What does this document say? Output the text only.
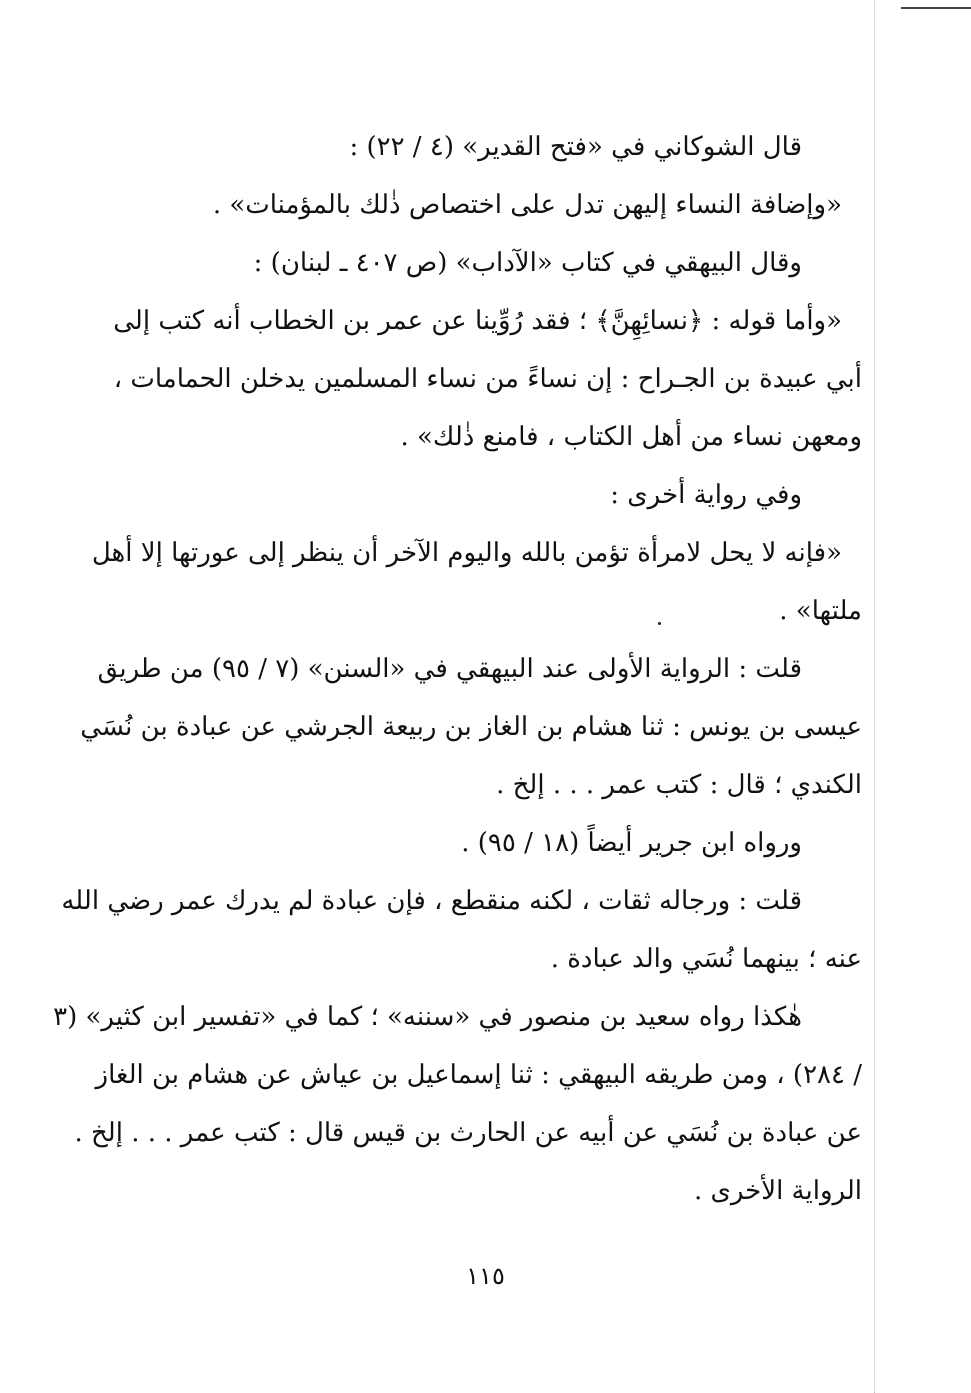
قال الشوكاني في «فتح القدير» (٤ / ٢٢) :
«وإضافة النساء إليهن تدل على اختصاص ذٰلك بالمؤمنات» .
وقال البيهقي في كتاب «الآداب» (ص ٤٠٧ ـ لبنان) :
«وأما قوله : ﴿نسائِهِنَّ﴾ ؛ فقد رُوِّينا عن عمر بن الخطاب أنه كتب إلى
أبي عبيدة بن الجـراح : إن نساءً من نساء المسلمين يدخلن الحمامات ،
ومعهن نساء من أهل الكتاب ، فامنع ذٰلك» .
وفي رواية أخرى :
«فإنه لا يحل لامرأة تؤمن بالله واليوم الآخر أن ينظر إلى عورتها إلا أهل
ملتها» .
قلت : الرواية الأولى عند البيهقي في «السنن» (٧ / ٩٥) من طريق
عيسى بن يونس : ثنا هشام بن الغاز بن ربيعة الجرشي عن عبادة بن نُسَي
الكندي ؛ قال : كتب عمر . . . إلخ .
ورواه ابن جرير أيضاً (١٨ / ٩٥) .
قلت : ورجاله ثقات ، لكنه منقطع ، فإن عبادة لم يدرك عمر رضي الله
عنه ؛ بينهما نُسَي والد عبادة .
هٰكذا رواه سعيد بن منصور في «سننه» ؛ كما في «تفسير ابن كثير» (٣
/ ٢٨٤) ، ومن طريقه البيهقي : ثنا إسماعيل بن عياش عن هشام بن الغاز
عن عبادة بن نُسَي عن أبيه عن الحارث بن قيس قال : كتب عمر . . . إلخ .
الرواية الأخرى .
١١٥
